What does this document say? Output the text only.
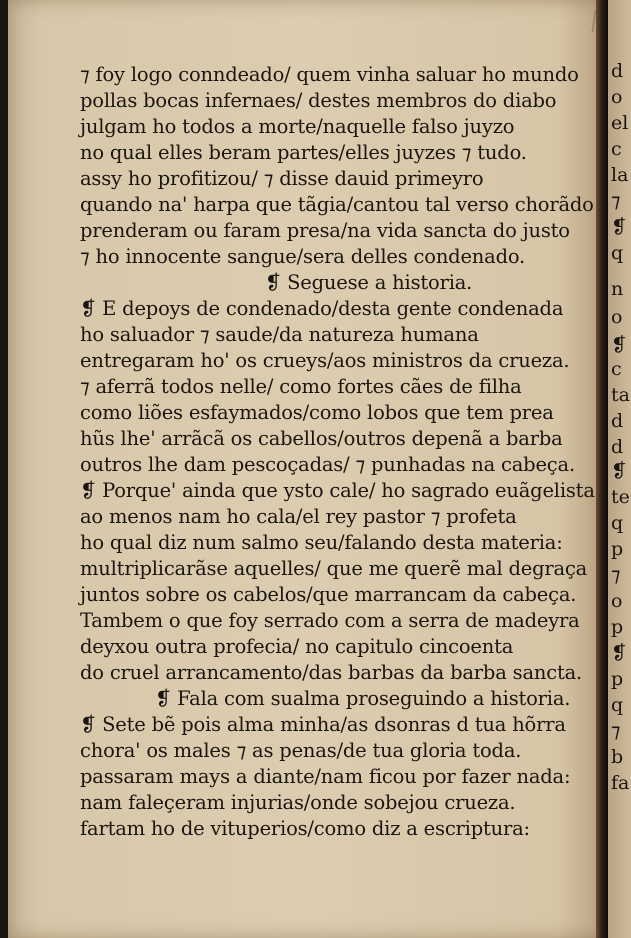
⁊ foy logo conndeado/ quem vinha saluar ho mundo
pollas bocas infernaes/ destes membros do diabo
julgam ho todos a morte/naquelle falso juyzo
no qual elles beram partes/elles juyzes ⁊ tudo.
assy ho profitizou/ ⁊ disse dauid primeyro
quando na' harpa que tãgia/cantou tal verso chorãdo
prenderam ou faram presa/na vida sancta do justo
⁊ ho innocente sangue/sera delles condenado.
❡ Seguese a historia.
❡ E depoys de condenado/desta gente condenada
ho saluador ⁊ saude/da natureza humana
entregaram ho' os crueys/aos ministros da crueza.
⁊ aferrã todos nelle/ como fortes cães de filha
como liões esfaymados/como lobos que tem prea
hũs lhe' arrãcã os cabellos/outros depenã a barba
outros lhe dam pescoçadas/ ⁊ punhadas na cabeça.
❡ Porque' ainda que ysto cale/ ho sagrado euãgelista
ao menos nam ho cala/el rey pastor ⁊ profeta
ho qual diz num salmo seu/falando desta materia:
multriplicarãse aquelles/ que me querẽ mal degraça
juntos sobre os cabelos/que marrancam da cabeça.
Tambem o que foy serrado com a serra de madeyra
deyxou outra profecia/ no capitulo cincoenta
do cruel arrancamento/das barbas da barba sancta.
❡ Fala com sualma proseguindo a historia.
❡ Sete bẽ pois alma minha/as dsonras d tua hõrra
chora' os males ⁊ as penas/de tua gloria toda.
passaram mays a diante/nam ficou por fazer nada:
nam faleçeram injurias/onde sobejou crueza.
fartam ho de vituperios/como diz a escriptura:
d
o
el
c
la
⁊
❡
q
n
o
❡
c
ta
d
d
❡
te
q
p
⁊
o
p
❡
p
q
⁊
b
fa
